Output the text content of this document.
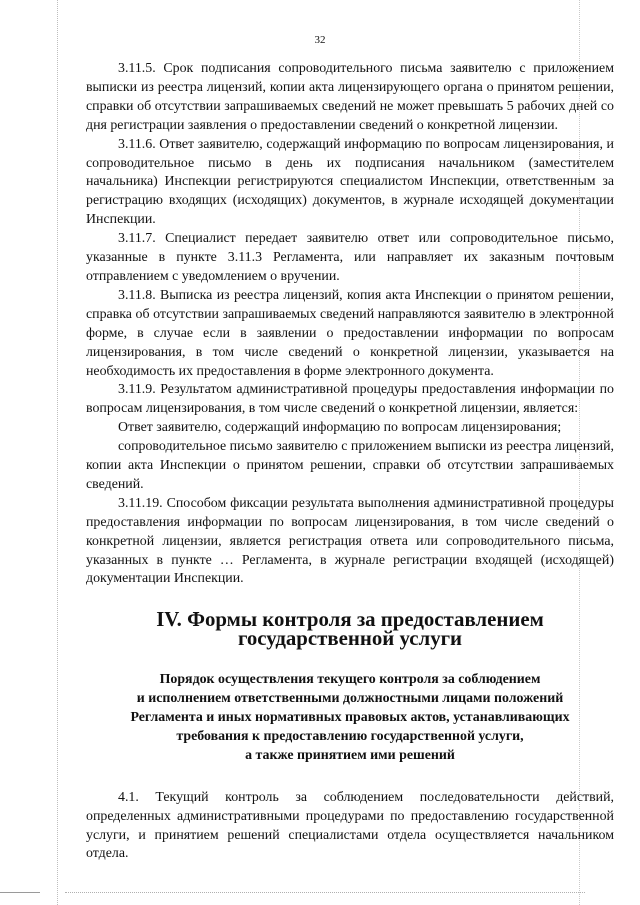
32

3.11.5. Срок подписания сопроводительного письма заявителю с приложением выписки из реестра лицензий, копии акта лицензирующего органа о принятом решении, справки об отсутствии запрашиваемых сведений не может превышать 5 рабочих дней со дня регистрации заявления о предоставлении сведений о конкретной лицензии.

3.11.6. Ответ заявителю, содержащий информацию по вопросам лицензирования, и сопроводительное письмо в день их подписания начальником (заместителем начальника) Инспекции регистрируются специалистом Инспекции, ответственным за регистрацию входящих (исходящих) документов, в журнале исходящей документации Инспекции.

3.11.7. Специалист передает заявителю ответ или сопроводительное письмо, указанные в пункте 3.11.3 Регламента, или направляет их заказным почтовым отправлением с уведомлением о вручении.

3.11.8. Выписка из реестра лицензий, копия акта Инспекции о принятом решении, справка об отсутствии запрашиваемых сведений направляются заявителю в электронной форме, в случае если в заявлении о предоставлении информации по вопросам лицензирования, в том числе сведений о конкретной лицензии, указывается на необходимость их предоставления в форме электронного документа.

3.11.9. Результатом административной процедуры предоставления информации по вопросам лицензирования, в том числе сведений о конкретной лицензии, является:

Ответ заявителю, содержащий информацию по вопросам лицензирования;

сопроводительное письмо заявителю с приложением выписки из реестра лицензий, копии акта Инспекции о принятом решении, справки об отсутствии запрашиваемых сведений.

3.11.19. Способом фиксации результата выполнения административной процедуры предоставления информации по вопросам лицензирования, в том числе сведений о конкретной лицензии, является регистрация ответа или сопроводительного письма, указанных в пункте … Регламента, в журнале регистрации входящей (исходящей) документации Инспекции.

IV. Формы контроля за предоставлением государственной услуги
Порядок осуществления текущего контроля за соблюдением
и исполнением ответственными должностными лицами положений
Регламента и иных нормативных правовых актов, устанавливающих
требования к предоставлению государственной услуги,
а также принятием ими решений

4.1. Текущий контроль за соблюдением последовательности действий, определенных административными процедурами по предоставлению государственной услуги, и принятием решений специалистами отдела осуществляется начальником отдела.
